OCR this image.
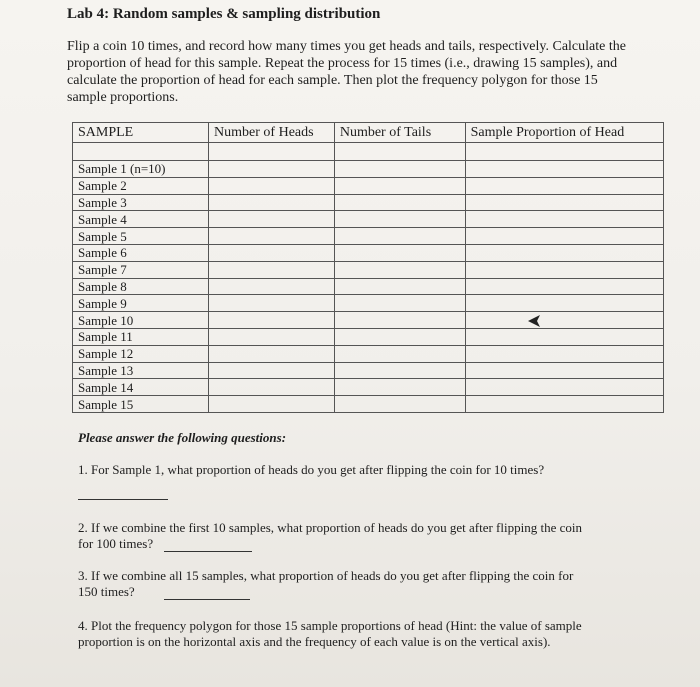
Lab 4: Random samples & sampling distribution
Flip a coin 10 times, and record how many times you get heads and tails, respectively. Calculate the proportion of head for this sample. Repeat the process for 15 times (i.e., drawing 15 samples), and calculate the proportion of head for each sample. Then plot the frequency polygon for those 15 sample proportions.
SAMPLE	Number of Heads	Number of Tails	Sample Proportion of Head

Sample 1 (n=10)			
Sample 2			
Sample 3			
Sample 4			
Sample 5			
Sample 6			
Sample 7			
Sample 8			
Sample 9			
Sample 10			
Sample 11			
Sample 12			
Sample 13			
Sample 14			
Sample 15			
Please answer the following questions:
1. For Sample 1, what proportion of heads do you get after flipping the coin for 10 times?
2. If we combine the first 10 samples, what proportion of heads do you get after flipping the coin
for 100 times?
3. If we combine all 15 samples, what proportion of heads do you get after flipping the coin for
150 times?
4. Plot the frequency polygon for those 15 sample proportions of head (Hint: the value of sample proportion is on the horizontal axis and the frequency of each value is on the vertical axis).
